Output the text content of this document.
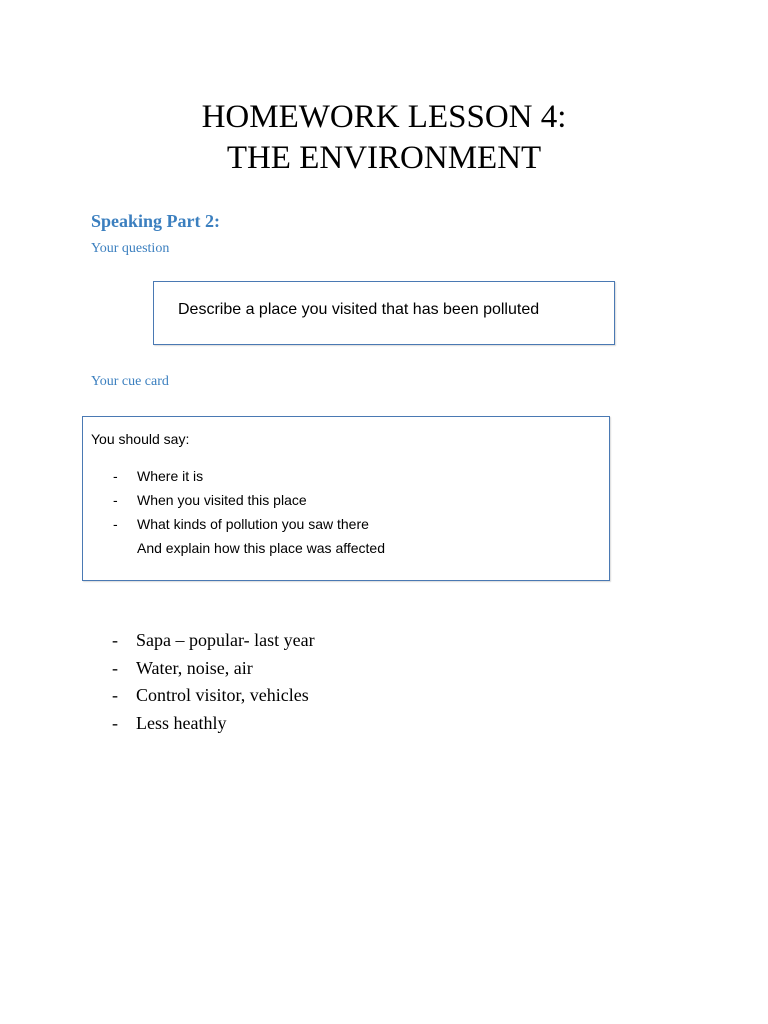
HOMEWORK LESSON 4:
THE ENVIRONMENT
Speaking Part 2:

Your question

Describe a place you visited that has been polluted

Your cue card

You should say:
- Where it is
- When you visited this place
- What kinds of pollution you saw there
And explain how this place was affected
- Sapa – popular- last year
- Water, noise, air
- Control visitor, vehicles
- Less heathly
